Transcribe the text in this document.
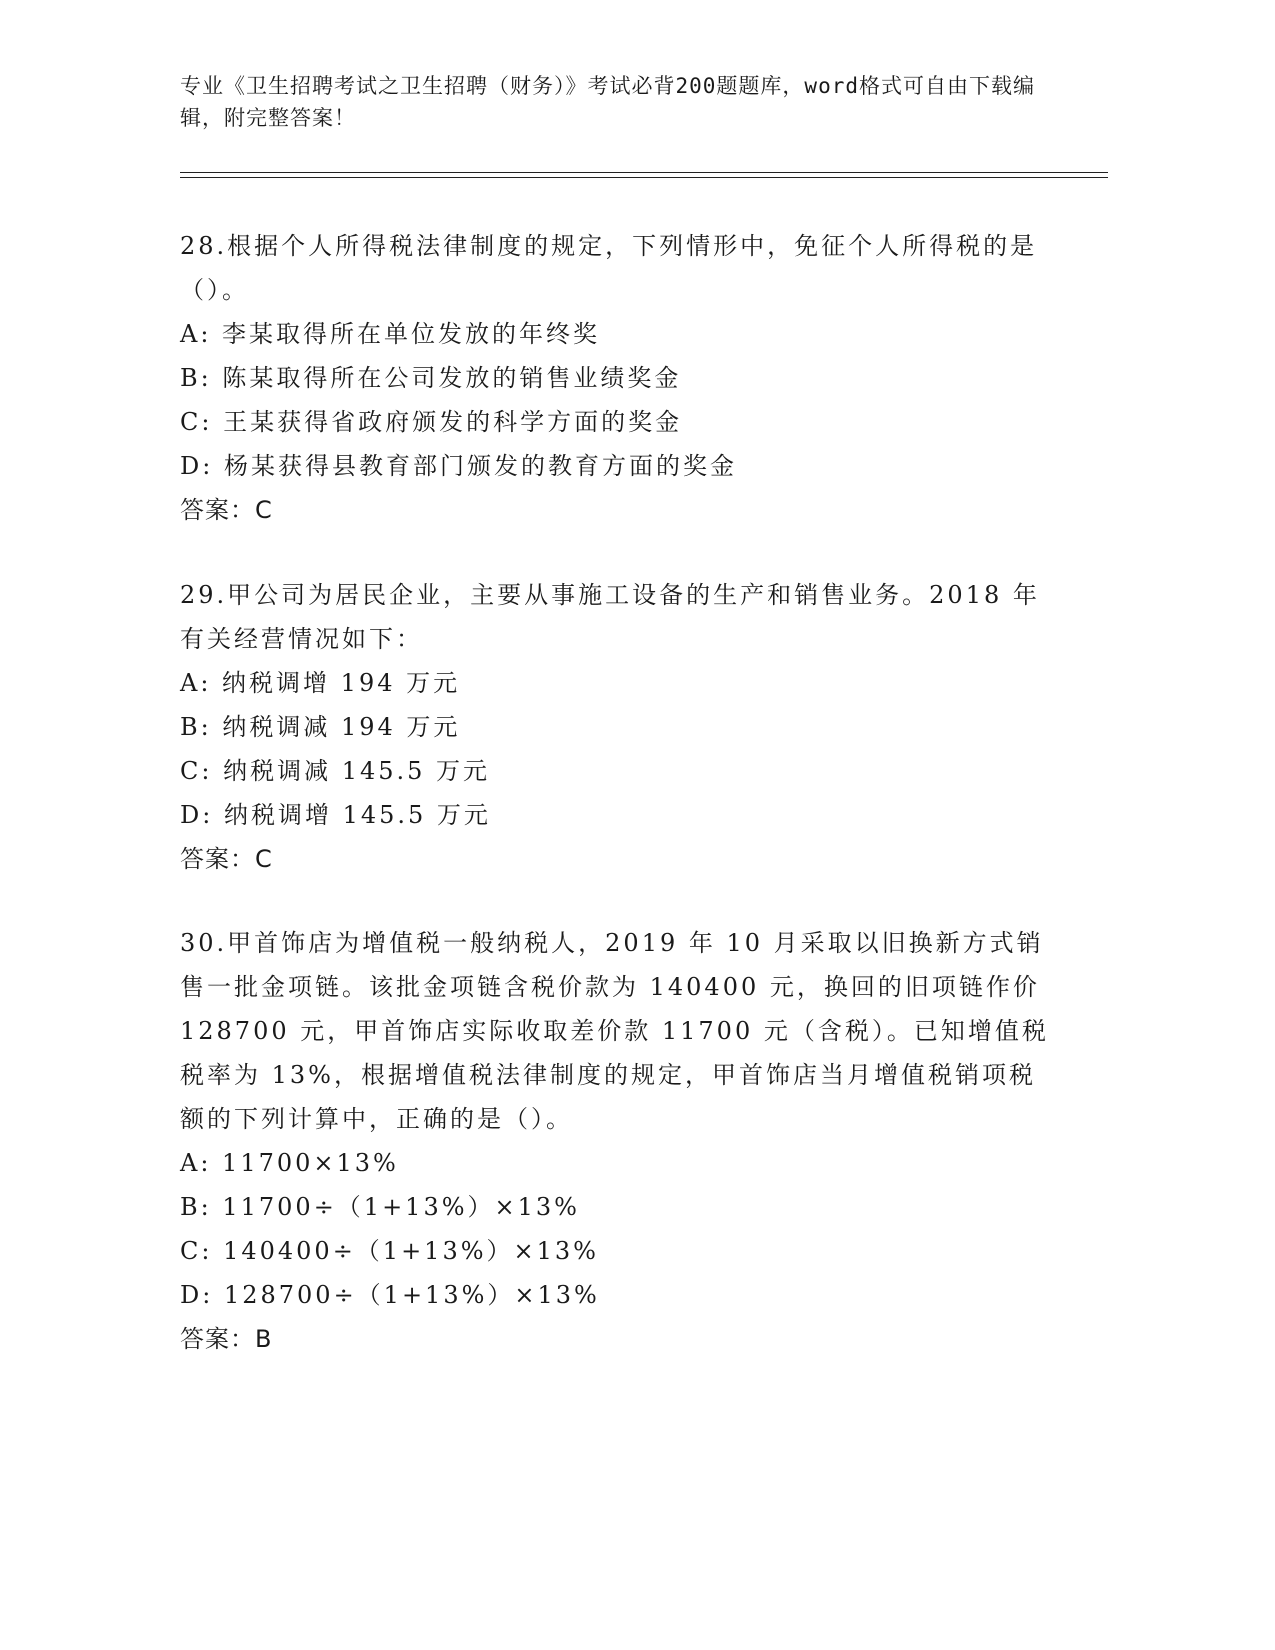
专业《卫生招聘考试之卫生招聘（财务）》考试必背200题题库，word格式可自由下载编辑，附完整答案！

28.根据个人所得税法律制度的规定，下列情形中，免征个人所得税的是（）。

A: 李某取得所在单位发放的年终奖

B: 陈某取得所在公司发放的销售业绩奖金

C: 王某获得省政府颁发的科学方面的奖金

D: 杨某获得县教育部门颁发的教育方面的奖金

答案：C

29.甲公司为居民企业，主要从事施工设备的生产和销售业务。2018 年有关经营情况如下：

A: 纳税调增 194 万元

B: 纳税调减 194 万元

C: 纳税调减 145.5 万元

D: 纳税调增 145.5 万元

答案：C

30.甲首饰店为增值税一般纳税人，2019 年 10 月采取以旧换新方式销售一批金项链。该批金项链含税价款为 140400 元，换回的旧项链作价 128700 元，甲首饰店实际收取差价款 11700 元（含税）。已知增值税税率为 13%，根据增值税法律制度的规定，甲首饰店当月增值税销项税额的下列计算中，正确的是（）。

A: 11700×13%

B: 11700÷（1+13%）×13%

C: 140400÷（1+13%）×13%

D: 128700÷（1+13%）×13%

答案：B
